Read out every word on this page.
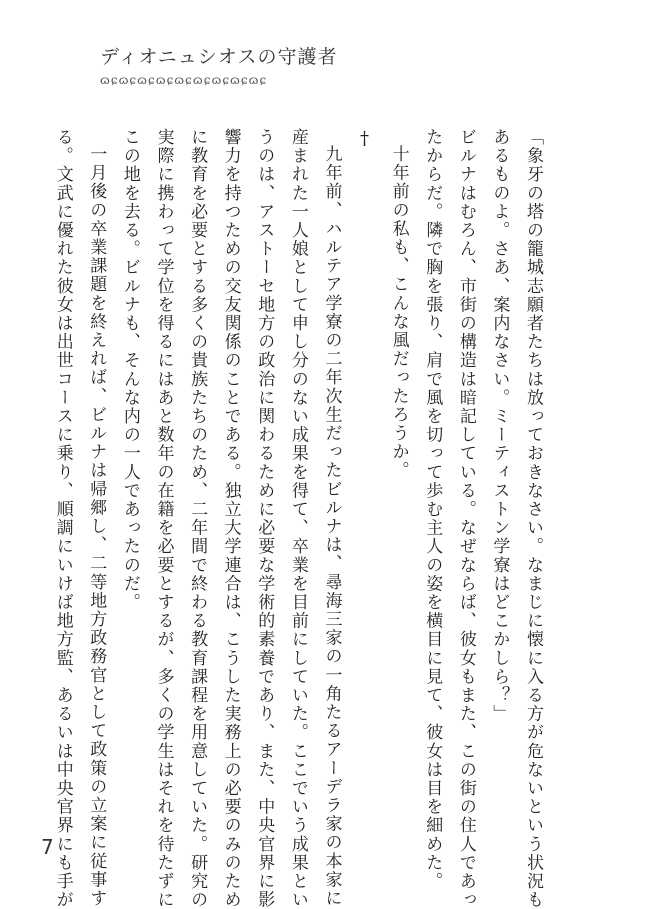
ディオニュシオスの守護者
ɷɕɷɕɷɕɷɕɷɕɷɕɷɕɷɕɷɕ
「象牙の塔の籠城志願者たちは放っておきなさい。なまじに懐に入る方が危ないという状況も
あるものよ。さあ、案内なさい。ミーティストン学寮はどこかしら？」
ビルナはむろん、市街の構造は暗記している。なぜならば、彼女もまた、この街の住人であっ
たからだ。隣で胸を張り、肩で風を切って歩む主人の姿を横目に見て、彼女は目を細めた。
十年前の私も、こんな風だったろうか。
†
九年前、ハルテア学寮の二年次生だったビルナは、尋海三家の一角たるアーデラ家の本家に
産まれた一人娘として申し分のない成果を得て、卒業を目前にしていた。ここでいう成果とい
うのは、アストーセ地方の政治に関わるために必要な学術的素養であり、また、中央官界に影
響力を持つための交友関係のことである。独立大学連合は、こうした実務上の必要のみのため
に教育を必要とする多くの貴族たちのため、二年間で終わる教育課程を用意していた。研究の
実際に携わって学位を得るにはあと数年の在籍を必要とするが、多くの学生はそれを待たずに
この地を去る。ビルナも、そんな内の一人であったのだ。
一月後の卒業課題を終えれば、ビルナは帰郷し、二等地方政務官として政策の立案に従事す
る。文武に優れた彼女は出世コースに乗り、順調にいけば地方監、あるいは中央官界にも手が
7
